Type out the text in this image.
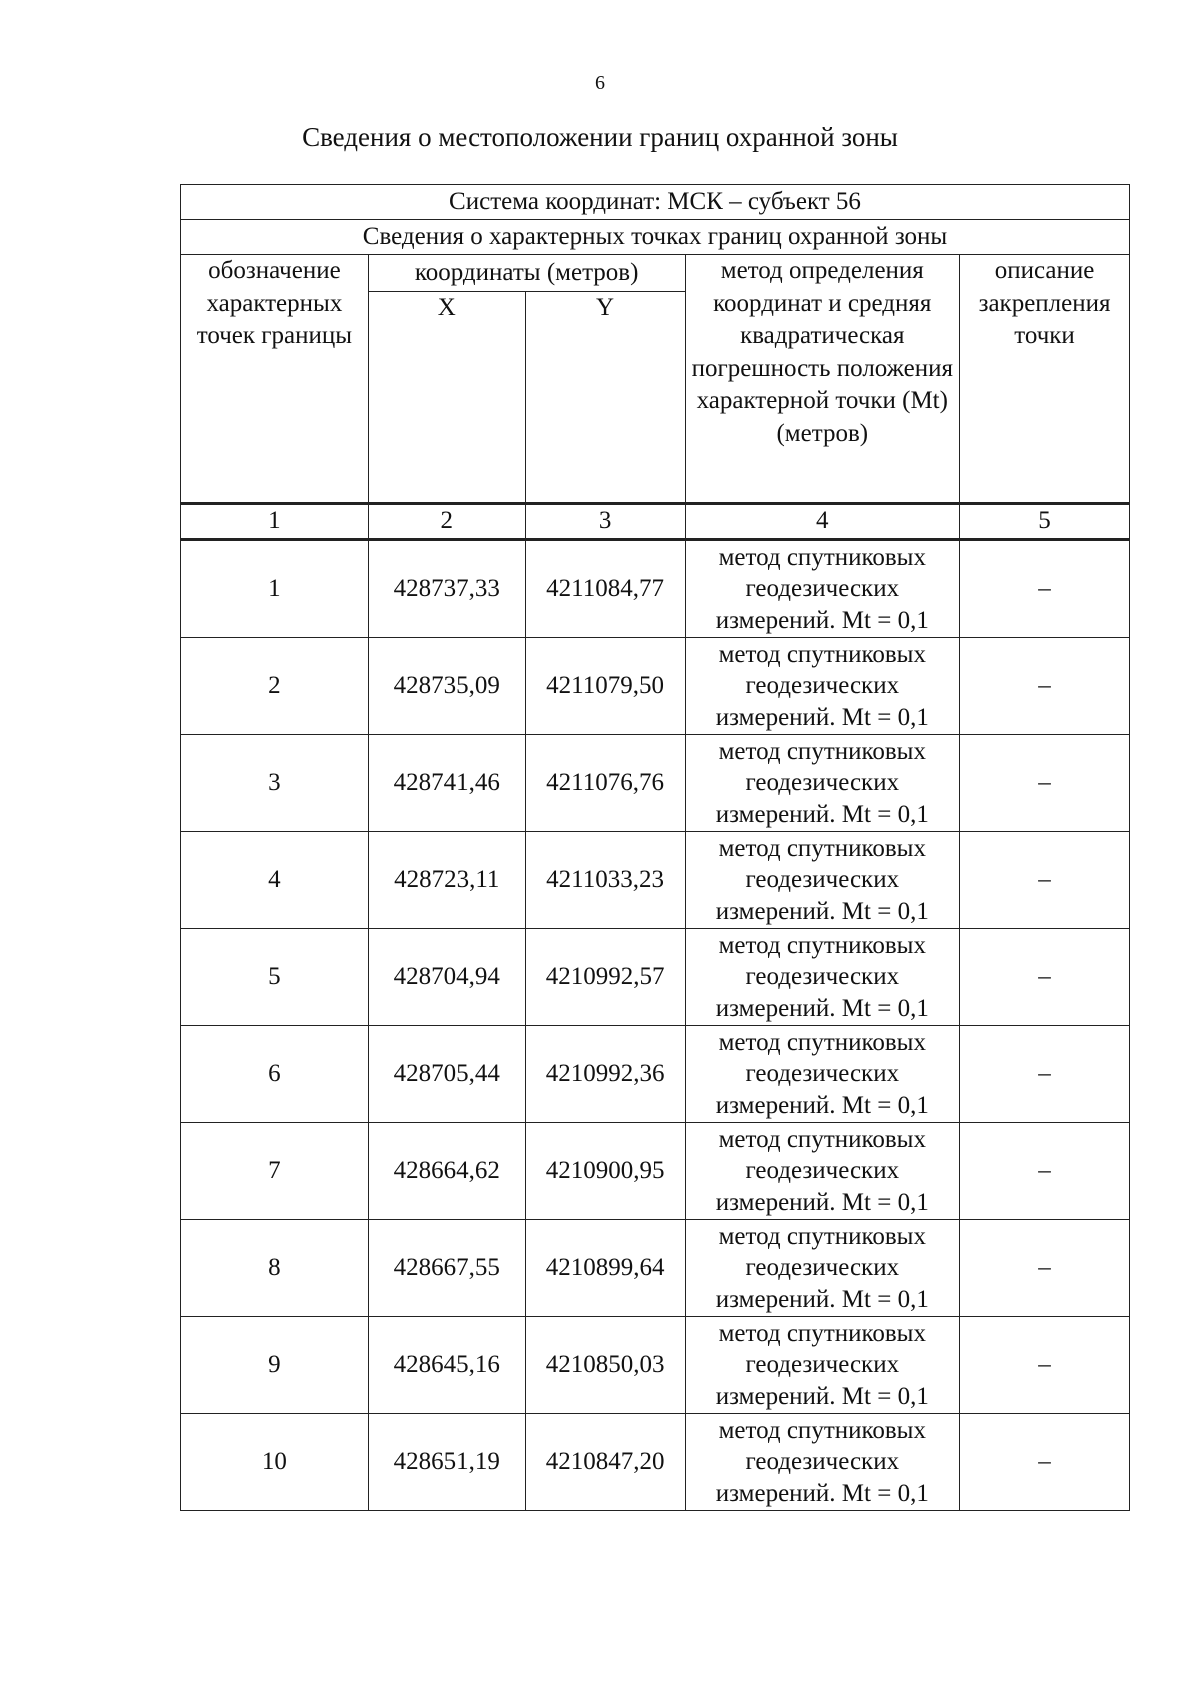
6
Сведения о местоположении границ охранной зоны
Система координат: МСК – субъект 56				
Сведения о характерных точках границ охранной зоны				
обозначение характерных точек границы	координаты (метров)		метод определения координат и средняя квадратическая погрешность положения характерной точки (Mt) (метров)	описание закрепления точки
	X	Y		
1	2	3	4	5
1	428737,33	4211084,77	метод спутниковых геодезических измерений. Mt = 0,1	–
2	428735,09	4211079,50	метод спутниковых геодезических измерений. Mt = 0,1	–
3	428741,46	4211076,76	метод спутниковых геодезических измерений. Mt = 0,1	–
4	428723,11	4211033,23	метод спутниковых геодезических измерений. Mt = 0,1	–
5	428704,94	4210992,57	метод спутниковых геодезических измерений. Mt = 0,1	–
6	428705,44	4210992,36	метод спутниковых геодезических измерений. Mt = 0,1	–
7	428664,62	4210900,95	метод спутниковых геодезических измерений. Mt = 0,1	–
8	428667,55	4210899,64	метод спутниковых геодезических измерений. Mt = 0,1	–
9	428645,16	4210850,03	метод спутниковых геодезических измерений. Mt = 0,1	–
10	428651,19	4210847,20	метод спутниковых геодезических измерений. Mt = 0,1	–
